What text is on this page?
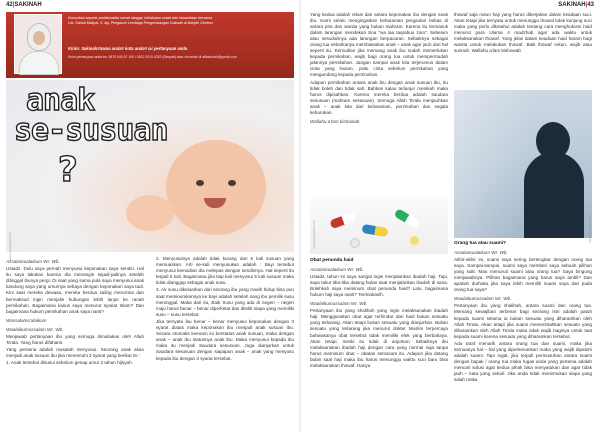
42|SAKINAH
Konsultasi seputar problematika rumah tangga, kehidupan sosial dan kewanitaan bersama Ust. Danial Maliyat, S. Ag. Pengasuh Lembaga Pengembangan Dakwah al Bahjah Cirebon
Kirim: Sakinah#nama anda# kota anda# isi pertanyaan anda
Kirim pertanyaan anda ke: 0878 645 87 190 / 0812 2019 4252 (Simpati) atau via email di albashirah@gmail.com
anak
se-susuan
?
www.istockphoto.com

Assalamualaikum Wr. Wb.

Ustadz. Dulu saya pernah menyusui keponakan saya sendiri. Hal itu saya lakukan karena dia menangis sejadi-jadinya setelah ditinggal ibunya pergi. Di saat yang sama pula saya menyusui anak kandung saya yang umurnya sebaya dengan keponakan saya tadi. Kini saat mereka dewasa, mereka berdua saling mencintai dan bermaksud ingin menjalin hubungan lebih lanjut ke ranah pernikahan. Bagaimana kasus saya menurut syariat Islam? Dan bagaimana hukum pernikahan anak saya nanti?

Wassalamu'alaikum

Waalaikumussalam Wr. Wb.

Menjawab pertanyaan ibu yang semoga dimuliakan oleh Allah Ta'ala. Yang harus difahami.

Yang pertama adalah masalah menyusui. Seorang anak akan menjadi anak susuan ibu jika memenuhi 3 syarat yang berikut ini :

1. Anak tersebut disusui sebelum genap umur 2 tahun hijriyah.

2. Menyusuinya adalah tidak kurang dari 5 kali susuan yang memuaskan. Arti se-kali menyusukan adalah : Bayi tersebut menyusui kemudian dia melepas dengan sendirinya. Hal seperti itu terjadi 5 kali. Bagaimana jika tiap kali menyusui 5 kali susuan maka tidak dianggap sebagai anak susu.

3. Air susu dikeluarkan dari seorang ibu yang masih hidup bisa pun saat meminumkannya ke bayi adalah setelah sang ibu pemilik susu meninggal. Maka dari itu, Baik Susu yang ada di negeri – negeri maju harus benar – benar diperketat dan diteliti siapa yang memiliki susu – susu tersebut.

Jika ternyata ibu benar – benar menyusui keponakan dengan 3 syarat diatas maka keponakan ibu menjadi anak susuan ibu. Secara otomatis keenam ini berstatus anak susuan, maka dengan anak – anak ibu statusnya anak ibu. Maka menyusui kepada ibu maka itu menjadi Saudara sesusuan. Juga dianjurkan untuk Saudara sesusuan dengan siapapun anak – anak yang menyusu kepada ibu dengan 3 syarat tersebut.

SAKINAH|43

Yang kedua adalah relasi dan antara keponakan ibu dengan anak ibu. Kami selalu mengingatkan keharaman pergaulan bebas di antara pria dan wanita yang bukan mahram. Karena itu termasuk dalam larangan mendekati zina "wa laa taqrabuu zina". Sebelum atau sesudahnya ada larangan berpacaran. Sebaiknya sebagai orang tua sebarkanya membiasakan anak – anak agar jauh dari hal seperti itu. Kemudian jika memang anak ibu sudah memerlukan kepada pernikahan, wajib bagi orang tua untuk mempermudah jalannya pernikahan. Jangan sampai anak kita terjerumus dalam cinta yang haram, yaitu cinta sebelum pernikahan yang mengundang kepada perzinahan.

Adapun pernikahan antara anak ibu dengan anak susuan ibu, itu tidak boleh dan tidak sah. Bahkan kalau terlanjur menikah maka harus dipisahkan. Karena mereka berdua adalah saudara sesusuan (mahram sesusuan). Semoga Allah Ta'ala menjauhkan anak – anak kita dari keharaman, perzinahan dan segala keburukan.

Wallahu a'lam bishowab

www.istockphoto.com

Obat penunda haid

Assalamualaikum Wr. Wb.

Ustadz, tahun ini saya sangat ingin menjalankan ibadah haji. Tapi, saya takut tiba-tiba datang bulan saat menjalankan ibadah di sana. Bolehkah saya meminum obat penunda haid? Lalu, bagaimana hukum haji saya nanti? Terimakasih.

Waalaikumussalam Wr. Wb.

Pertanyaan ibu yang shalihah yang ingin melaksanakan ibadah haji. Menggunakan obat agar terhindar dari haid bukan sesuatu yang terlarang. Akan tetapi bukan sesuatu yang dianjurkan. Bukan sesuatu yang terlarang jika menurut dokter Muslim terpercaya bahwasanya obat tersebut tidak memiliki efek yang berbahaya. Akan tetapi, meski itu tidak di anjurkan. Sebaiknya ibu melaksanakan ibadah haji dengan cara yang normal saja tanpa harus meminum obat – obatan semacam itu. Adapun jika datang bulan saat haji maka ibu harus menunggu waktu suci baru bisa melaksanakan thowaf. Hanya

thowaf saja rukun haji yang harus dikerjakan dalam keadaan suci. Akan tetapi jika ternyata untuk menunggu thowaf tidak kunjung suci maka yang perlu diketahui adalah tentang cara menghukumi haid menurut para Ulama 4 madzhab agar ada waktu untuk melaksanakan thowaf. Yang jelas dalam keadaan haid haram bagi wanita untuk melakukan thowaf. Baik thowaf rukun, wajib atau sunnah. Wallahu a'lam bishowab

www.istockphoto.com

Orang tua atau suami?

Assalamualaikum Wr. Wb.

Akhir-akhir ini, suami saya sering bertengkar dengan orang tua saya. Sampai-sampai, suami saya memberi saya sebuah pilihan yang sulit. Mau menuruti suami atau orang tua? Saya bingung menjawabnya. Pilihan bagaimana yang harus saya ambil? Dan apakah durhaka jika saya lebih memilih suami saya dari pada orang tua saya?

Waalaikumussalam Wr. Wb.

Pertanyaan ibu yang shalihah, antara suami dan orang tua. Memang kewajiban terbesar bagi seorang istri adalah patuh kepada suami selama ia bukan sesuatu yang diharamkan oleh Allah Ta'ala. Akan tetapi jika suami memerintahkan sesuatu yang diharamkan oleh Allah Ta'ala maka tidak wajib baginya untuk taat kepada suami karena sesuatu yang diharamkan tersebut.

Ada taraf menarik antara orang tua dan suami, maka jika semuanya hal – hal yang diperkenankan maka yang wajib dipatuhi adalah suami. Tapi ingat, jika terjadi permusuhan antara suami dengan bapak / orang tua maka tugas anda yang pertama adalah mencari solusi agar kedua pihak bisa menyatukan dan agar tidak jauh – kata yang sekali. Jika anda tidak menemukan siapa yang salah maka
